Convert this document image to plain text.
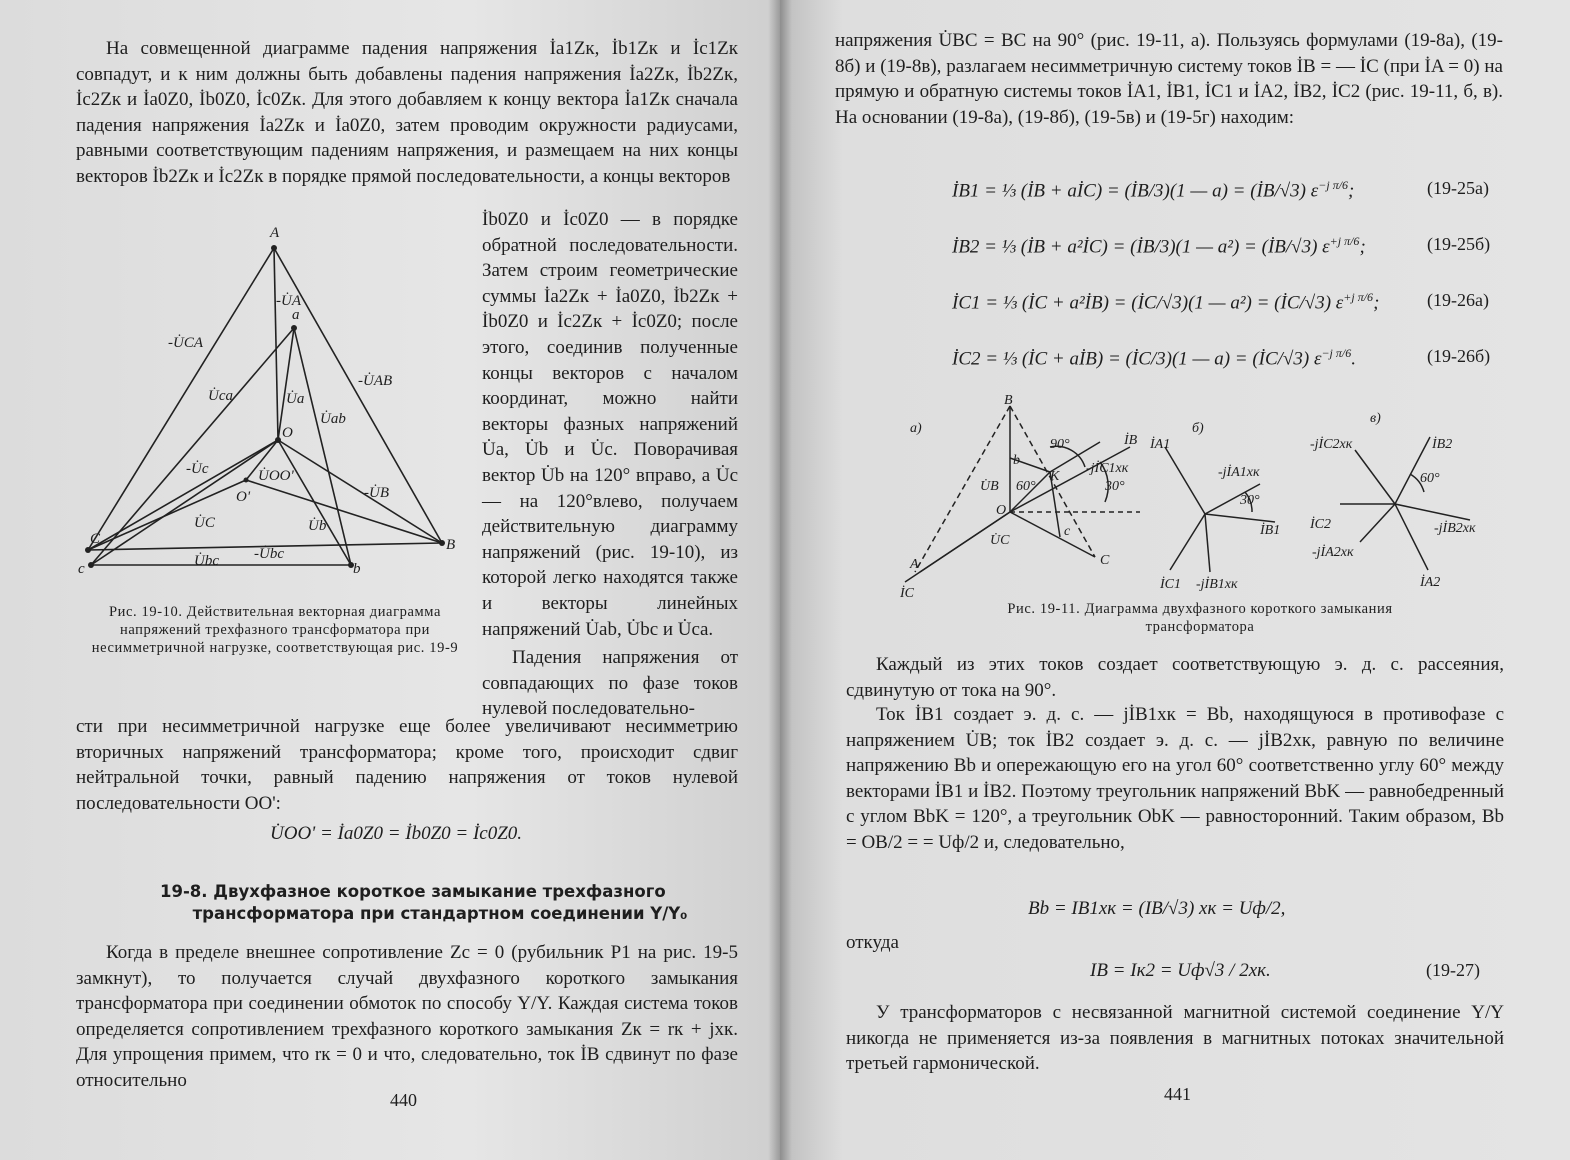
На совмещенной диаграмме падения напряжения İa1Zк, İb1Zк и İc1Zк совпадут, и к ним должны быть добавлены падения напряжения İa2Zк, İb2Zк, İc2Zк и İa0Z0, İb0Z0, İc0Zк. Для этого добавляем к концу вектора İa1Zк сначала падения напряжения İa2Zк и İa0Z0, затем проводим окружности радиусами, равными соответствующим падениям напряжения, и размещаем на них концы векторов İb2Zк и İc2Zк в порядке прямой последовательности, а концы векторов

İb0Z0 и İc0Z0 — в порядке обратной последовательности. Затем строим геометрические суммы İa2Zк + İa0Z0, İb2Zк + İb0Z0 и İc2Zк + İc0Z0; после этого, соединив полученные концы векторов с началом координат, можно найти векторы фазных напряжений U̇a, U̇b и U̇c. Поворачивая вектор U̇b на 120° вправо, а U̇c — на 120°влево, получаем действительную диаграмму напряжений (рис. 19-10), из которой легко находятся также и векторы линейных напряжений U̇ab, U̇bc и U̇ca.

Падения напряжения от совпадающих по фазе токов нулевой последовательно-

сти при несимметричной нагрузке еще более увеличивают несимметрию вторичных напряжений трансформатора; кроме того, происходит сдвиг нейтральной точки, равный падению напряжения от токов нулевой последовательности OO':

U̇OO' = İa0Z0 = İb0Z0 = İc0Z0.
19-8. Двухфазное короткое замыкание трехфазного
трансформатора при стандартном соединении Y/Y₀

Когда в пределе внешнее сопротивление Zc = 0 (рубильник P1 на рис. 19-5 замкнут), то получается случай двухфазного короткого замыкания трансформатора при соединении обмоток по способу Y/Y. Каждая система токов определяется сопротивлением трехфазного короткого замыкания Zк = rк + jxк. Для упрощения примем, что rк = 0 и что, следовательно, ток İB сдвинут по фазе относительно

A
a
O
O'
C	B
c	b
-U̇A
-U̇CA
-U̇AB
U̇ca	U̇a
U̇ab
-U̇c	U̇OO'
-U̇B
U̇C	U̇b
-U̇bc
U̇bc
Рис. 19-10. Действительная векторная диаграмма напряжений трехфазного трансформатора при несимметричной нагрузке, соответствующая рис. 19-9
440

напряжения U̇BC = BC на 90° (рис. 19-11, a). Пользуясь формулами (19-8a), (19-8б) и (19-8в), разлагаем несимметричную систему токов İB = — İC (при İA = 0) на прямую и обратную системы токов İA1, İB1, İC1 и İA2, İB2, İC2 (рис. 19-11, б, в). На основании (19-8a), (19-8б), (19-5в) и (19-5г) находим:

İB1 = ⅓ (İB + aİC) = (İB/3)(1 — a) = (İB/√3) $\varepsilon^{-j \pi/6}$;	(19-25a)
İB2 = ⅓ (İB + a²İC) = (İB/3)(1 — a²) = (İB/√3) $\varepsilon^{+j \pi/6}$;	(19-25б)
İC1 = ⅓ (İC + a²İB) = (İC/√3)(1 — a²) = (İC/√3) $\varepsilon^{+j \pi/6}$;	(19-26a)
İC2 = ⅓ (İC + aİB) = (İC/3)(1 — a) = (İC/√3) $\varepsilon^{-j \pi/6}$.	(19-26б)
a)
B
b
O
A	C
K
c
90°
60°	30°
İB
İC
U̇B
U̇C
-jİC1xк
б)
İA1
-jİA1xк
30°
İB1
İC1 -jİB1xк
в)
-jİC2xк	İB2
60°
İC2	-jİB2xк
-jİA2xк
İA2
Рис. 19-11. Диаграмма двухфазного короткого замыкания
трансформатора

Каждый из этих токов создает соответствующую э. д. с. рассеяния, сдвинутую от тока на 90°.

Ток İB1 создает э. д. с. — jİB1xк = Bb, находящуюся в противофазе с напряжением U̇B; ток İB2 создает э. д. с. — jİB2xк, равную по величине напряжению Bb и опережающую его на угол 60° соответственно углу 60° между векторами İB1 и İB2. Поэтому треугольник напряжений BbK — равнобедренный с углом BbK = 120°, а треугольник ObK — равносторонний. Таким образом, Bb = OB/2 = = Uф/2 и, следовательно,

Bb = IB1xк = (IB/√3) xк = Uф/2,
откуда
IB = Iк2 = Uф√3 / 2xк.	(19-27)

У трансформаторов с несвязанной магнитной системой соединение Y/Y никогда не применяется из-за появления в магнитных потоках значительной третьей гармонической.

441
